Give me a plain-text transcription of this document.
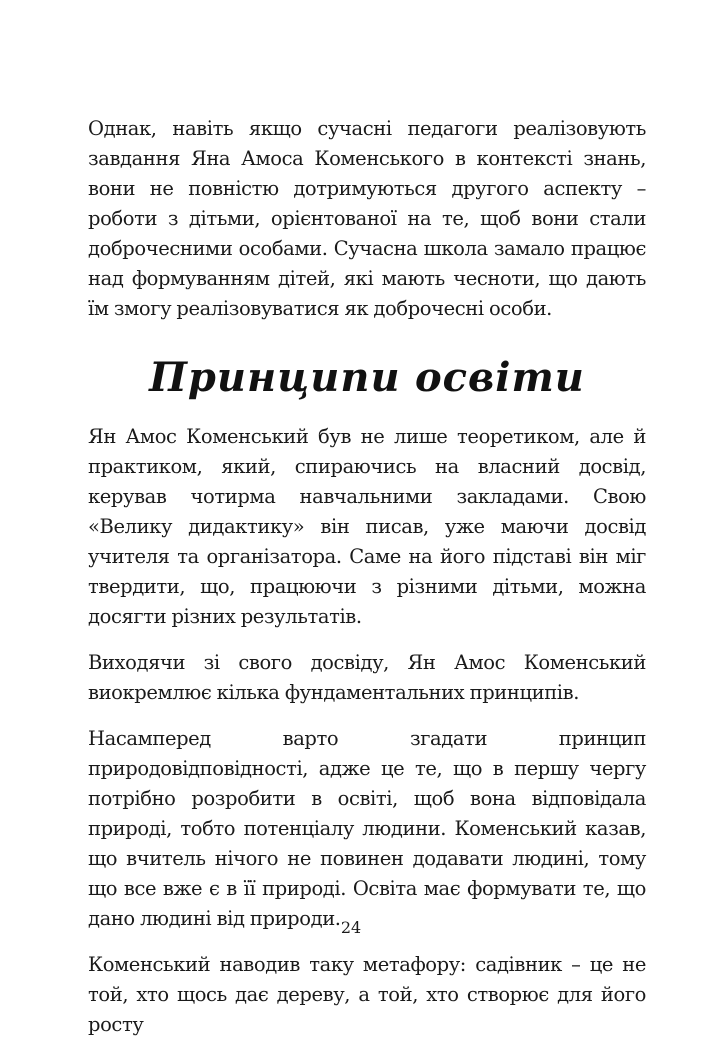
Однак, навіть якщо сучасні педагоги реалізовують завдання Яна Амоса Коменського в контексті знань, вони не повністю дотримуються другого аспекту – роботи з дітьми, орієнтованої на те, щоб вони стали доброчесними особами. Сучасна школа замало працює над формуванням дітей, які мають чесноти, що дають їм змогу реалізовуватися як доброчесні особи.

Принципи освіти

Ян Амос Коменський був не лише теоретиком, але й практиком, який, спираючись на власний досвід, керував чотирма навчальними закладами. Свою «Велику дидактику» він писав, уже маючи досвід учителя та організатора. Саме на його підставі він міг твердити, що, працюючи з різними дітьми, можна досягти різних результатів.

Виходячи зі свого досвіду, Ян Амос Коменський виокремлює кілька фундаментальних принципів.

Насамперед варто згадати принцип природовідповідності, адже це те, що в першу чергу потрібно розробити в освіті, щоб вона відповідала природі, тобто потенціалу людини. Коменський казав, що вчитель нічого не повинен додавати людині, тому що все вже є в її природі. Освіта має формувати те, що дано людині від природи.

Коменський наводив таку метафору: садівник – це не той, хто щось дає дереву, а той, хто створює для його росту

24
